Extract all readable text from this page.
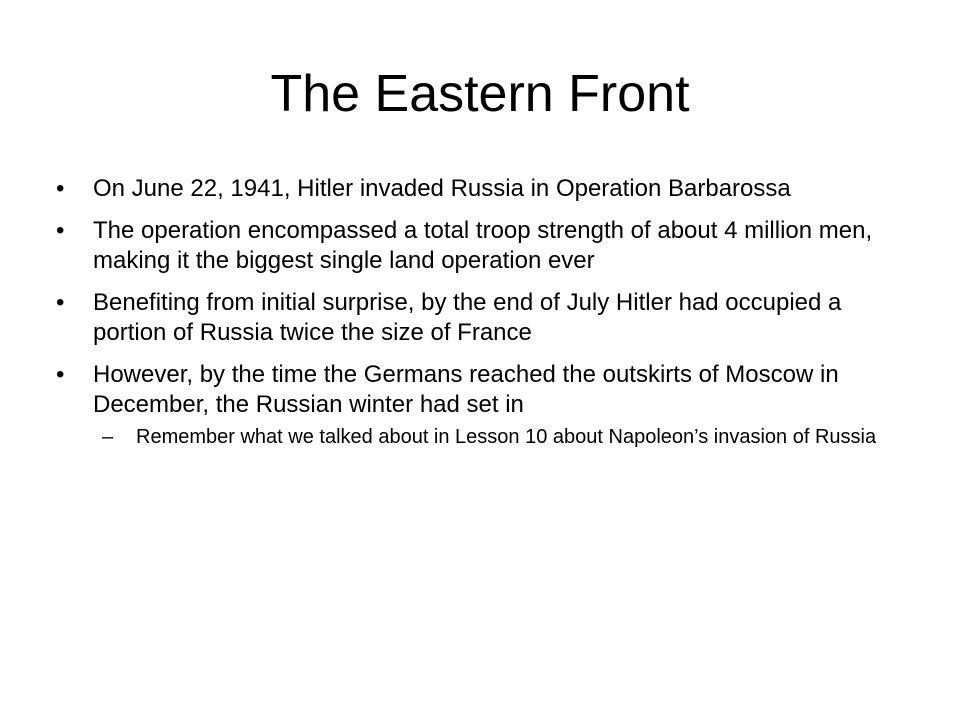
The Eastern Front
•	On June 22, 1941, Hitler invaded Russia in Operation Barbarossa
•	The operation encompassed a total troop strength of about 4 million men, making it the biggest single land operation ever
•	Benefiting from initial surprise, by the end of July Hitler had occupied a portion of Russia twice the size of France
•	However, by the time the Germans reached the outskirts of Moscow in December, the Russian winter had set in
– Remember what we talked about in Lesson 10 about Napoleon’s invasion of Russia
